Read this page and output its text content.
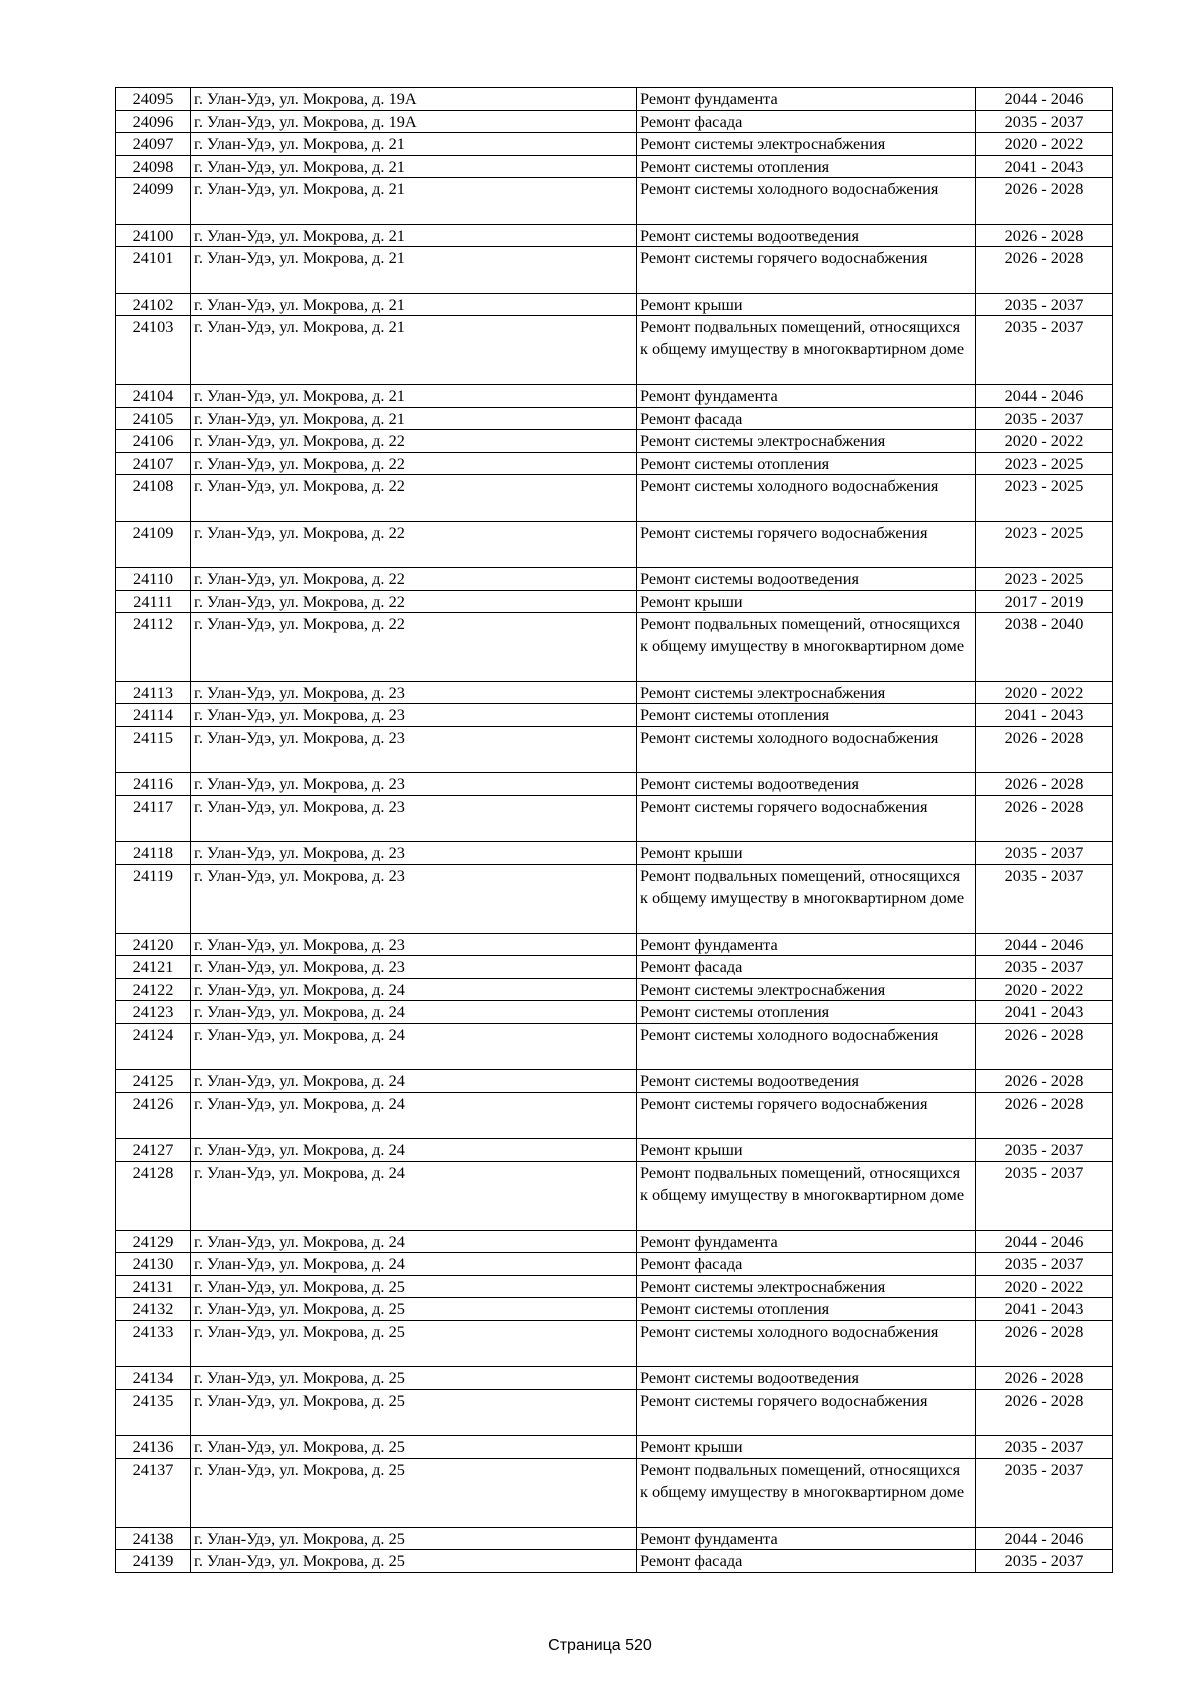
24095	г. Улан-Удэ, ул. Мокрова, д. 19А	Ремонт фундамента	2044 - 2046
24096	г. Улан-Удэ, ул. Мокрова, д. 19А	Ремонт фасада	2035 - 2037
24097	г. Улан-Удэ, ул. Мокрова, д. 21	Ремонт системы электроснабжения	2020 - 2022
24098	г. Улан-Удэ, ул. Мокрова, д. 21	Ремонт системы отопления	2041 - 2043
24099	г. Улан-Удэ, ул. Мокрова, д. 21	Ремонт системы холодного водоснабжения	2026 - 2028
24100	г. Улан-Удэ, ул. Мокрова, д. 21	Ремонт системы водоотведения	2026 - 2028
24101	г. Улан-Удэ, ул. Мокрова, д. 21	Ремонт системы горячего водоснабжения	2026 - 2028
24102	г. Улан-Удэ, ул. Мокрова, д. 21	Ремонт крыши	2035 - 2037
24103	г. Улан-Удэ, ул. Мокрова, д. 21	Ремонт подвальных помещений, относящихся к общему имуществу в многоквартирном доме	2035 - 2037
24104	г. Улан-Удэ, ул. Мокрова, д. 21	Ремонт фундамента	2044 - 2046
24105	г. Улан-Удэ, ул. Мокрова, д. 21	Ремонт фасада	2035 - 2037
24106	г. Улан-Удэ, ул. Мокрова, д. 22	Ремонт системы электроснабжения	2020 - 2022
24107	г. Улан-Удэ, ул. Мокрова, д. 22	Ремонт системы отопления	2023 - 2025
24108	г. Улан-Удэ, ул. Мокрова, д. 22	Ремонт системы холодного водоснабжения	2023 - 2025
24109	г. Улан-Удэ, ул. Мокрова, д. 22	Ремонт системы горячего водоснабжения	2023 - 2025
24110	г. Улан-Удэ, ул. Мокрова, д. 22	Ремонт системы водоотведения	2023 - 2025
24111	г. Улан-Удэ, ул. Мокрова, д. 22	Ремонт крыши	2017 - 2019
24112	г. Улан-Удэ, ул. Мокрова, д. 22	Ремонт подвальных помещений, относящихся к общему имуществу в многоквартирном доме	2038 - 2040
24113	г. Улан-Удэ, ул. Мокрова, д. 23	Ремонт системы электроснабжения	2020 - 2022
24114	г. Улан-Удэ, ул. Мокрова, д. 23	Ремонт системы отопления	2041 - 2043
24115	г. Улан-Удэ, ул. Мокрова, д. 23	Ремонт системы холодного водоснабжения	2026 - 2028
24116	г. Улан-Удэ, ул. Мокрова, д. 23	Ремонт системы водоотведения	2026 - 2028
24117	г. Улан-Удэ, ул. Мокрова, д. 23	Ремонт системы горячего водоснабжения	2026 - 2028
24118	г. Улан-Удэ, ул. Мокрова, д. 23	Ремонт крыши	2035 - 2037
24119	г. Улан-Удэ, ул. Мокрова, д. 23	Ремонт подвальных помещений, относящихся к общему имуществу в многоквартирном доме	2035 - 2037
24120	г. Улан-Удэ, ул. Мокрова, д. 23	Ремонт фундамента	2044 - 2046
24121	г. Улан-Удэ, ул. Мокрова, д. 23	Ремонт фасада	2035 - 2037
24122	г. Улан-Удэ, ул. Мокрова, д. 24	Ремонт системы электроснабжения	2020 - 2022
24123	г. Улан-Удэ, ул. Мокрова, д. 24	Ремонт системы отопления	2041 - 2043
24124	г. Улан-Удэ, ул. Мокрова, д. 24	Ремонт системы холодного водоснабжения	2026 - 2028
24125	г. Улан-Удэ, ул. Мокрова, д. 24	Ремонт системы водоотведения	2026 - 2028
24126	г. Улан-Удэ, ул. Мокрова, д. 24	Ремонт системы горячего водоснабжения	2026 - 2028
24127	г. Улан-Удэ, ул. Мокрова, д. 24	Ремонт крыши	2035 - 2037
24128	г. Улан-Удэ, ул. Мокрова, д. 24	Ремонт подвальных помещений, относящихся к общему имуществу в многоквартирном доме	2035 - 2037
24129	г. Улан-Удэ, ул. Мокрова, д. 24	Ремонт фундамента	2044 - 2046
24130	г. Улан-Удэ, ул. Мокрова, д. 24	Ремонт фасада	2035 - 2037
24131	г. Улан-Удэ, ул. Мокрова, д. 25	Ремонт системы электроснабжения	2020 - 2022
24132	г. Улан-Удэ, ул. Мокрова, д. 25	Ремонт системы отопления	2041 - 2043
24133	г. Улан-Удэ, ул. Мокрова, д. 25	Ремонт системы холодного водоснабжения	2026 - 2028
24134	г. Улан-Удэ, ул. Мокрова, д. 25	Ремонт системы водоотведения	2026 - 2028
24135	г. Улан-Удэ, ул. Мокрова, д. 25	Ремонт системы горячего водоснабжения	2026 - 2028
24136	г. Улан-Удэ, ул. Мокрова, д. 25	Ремонт крыши	2035 - 2037
24137	г. Улан-Удэ, ул. Мокрова, д. 25	Ремонт подвальных помещений, относящихся к общему имуществу в многоквартирном доме	2035 - 2037
24138	г. Улан-Удэ, ул. Мокрова, д. 25	Ремонт фундамента	2044 - 2046
24139	г. Улан-Удэ, ул. Мокрова, д. 25	Ремонт фасада	2035 - 2037
Страница 520
